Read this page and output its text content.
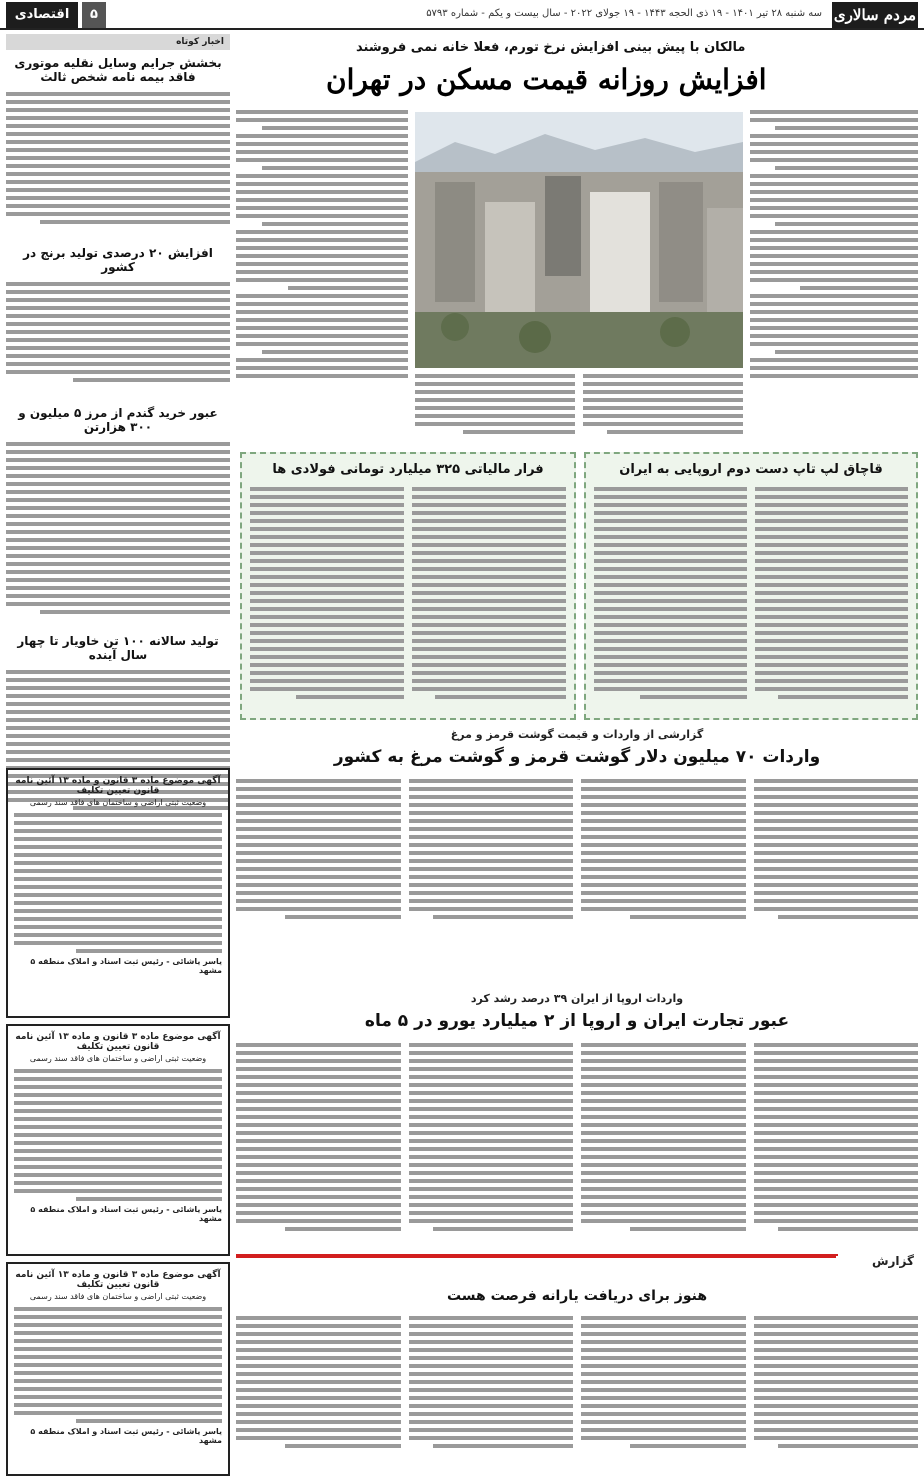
مردم سالاری
سه شنبه ۲۸ تیر ۱۴۰۱ - ۱۹ ذی الحجه ۱۴۴۳ - ۱۹ جولای ۲۰۲۲ - سال بیست و یکم - شماره ۵۷۹۳
۵
اقتصادی
مالکان با پیش بینی افزایش نرخ تورم، فعلا خانه نمی فروشند
افزایش روزانه قیمت مسکن در تهران
قاچاق لپ تاپ دست دوم اروپایی به ایران
فرار مالیاتی ۳۲۵ میلیارد تومانی فولادی ها
گزارشی از واردات و قیمت گوشت قرمز و مرغ
واردات ۷۰ میلیون دلار گوشت قرمز و گوشت مرغ به کشور
واردات اروپا از ایران ۳۹ درصد رشد کرد
عبور تجارت ایران و اروپا از ۲ میلیارد یورو در ۵ ماه
گزارش
هنوز برای دریافت یارانه فرصت هست
اخبار کوتاه
بخشش جرایم وسایل نقلیه موتوری فاقد بیمه نامه شخص ثالث
افزایش ۲۰ درصدی تولید برنج در کشور
عبور خرید گندم از مرز ۵ میلیون و ۳۰۰ هزارتن
تولید سالانه ۱۰۰ تن خاویار تا چهار سال آینده
آگهی موضوع ماده ۳ قانون و ماده ۱۳ آئین نامه قانون تعیین تکلیف
وضعیت ثبتی اراضی و ساختمان های فاقد سند رسمی
یاسر یاشائی - رئیس ثبت اسناد و املاک منطقه ۵ مشهد
آگهی موضوع ماده ۳ قانون و ماده ۱۳ آئین نامه قانون تعیین تکلیف
وضعیت ثبتی اراضی و ساختمان های فاقد سند رسمی
یاسر یاشائی - رئیس ثبت اسناد و املاک منطقه ۵ مشهد
آگهی موضوع ماده ۳ قانون و ماده ۱۳ آئین نامه قانون تعیین تکلیف
وضعیت ثبتی اراضی و ساختمان های فاقد سند رسمی
یاسر یاشائی - رئیس ثبت اسناد و املاک منطقه ۵ مشهد
